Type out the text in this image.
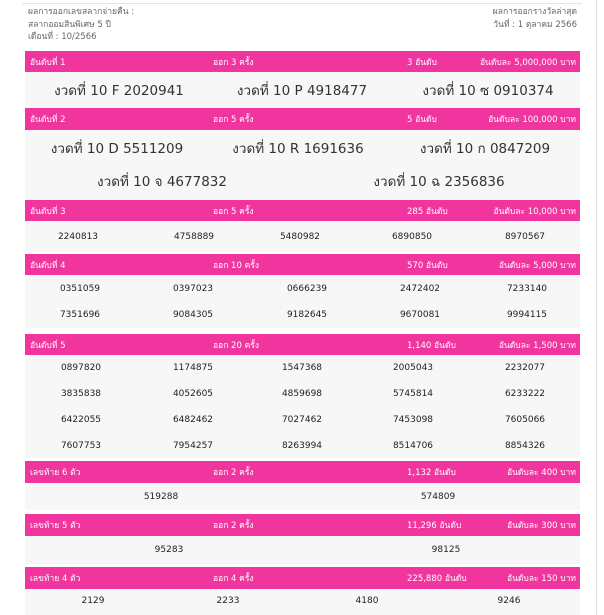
ผลการออกเลขสลากจ่ายคืน :
สลากออมสินพิเศษ 5 ปี
เดือนที่ : 10/2566
ผลการออกรางวัลล่าสุด
วันที่ : 1 ตุลาคม 2566
อันดับที่ 1	ออก 3 ครั้ง	3 อันดับ	อันดับละ 5,000,000 บาท
งวดที่ 10 F 2020941	งวดที่ 10 P 4918477	งวดที่ 10 ซ 0910374
อันดับที่ 2	ออก 5 ครั้ง	5 อันดับ	อันดับละ 100,000 บาท
งวดที่ 10 D 5511209	งวดที่ 10 R 1691636	งวดที่ 10 ก 0847209
งวดที่ 10 จ 4677832	งวดที่ 10 ฉ 2356836
อันดับที่ 3	ออก 5 ครั้ง	285 อันดับ	อันดับละ 10,000 บาท
2240813	4758889	5480982	6890850	8970567
อันดับที่ 4	ออก 10 ครั้ง	570 อันดับ	อันดับละ 5,000 บาท
0351059	0397023	0666239	2472402	7233140
7351696	9084305	9182645	9670081	9994115
อันดับที่ 5	ออก 20 ครั้ง	1,140 อันดับ	อันดับละ 1,500 บาท
0897820	1174875	1547368	2005043	2232077
3835838	4052605	4859698	5745814	6233222
6422055	6482462	7027462	7453098	7605066
7607753	7954257	8263994	8514706	8854326
เลขท้าย 6 ตัว	ออก 2 ครั้ง	1,132 อันดับ	อันดับละ 400 บาท
519288	574809
เลขท้าย 5 ตัว	ออก 2 ครั้ง	11,296 อันดับ	อันดับละ 300 บาท
95283	98125
เลขท้าย 4 ตัว	ออก 4 ครั้ง	225,880 อันดับ	อันดับละ 150 บาท
2129	2233	4180	9246
